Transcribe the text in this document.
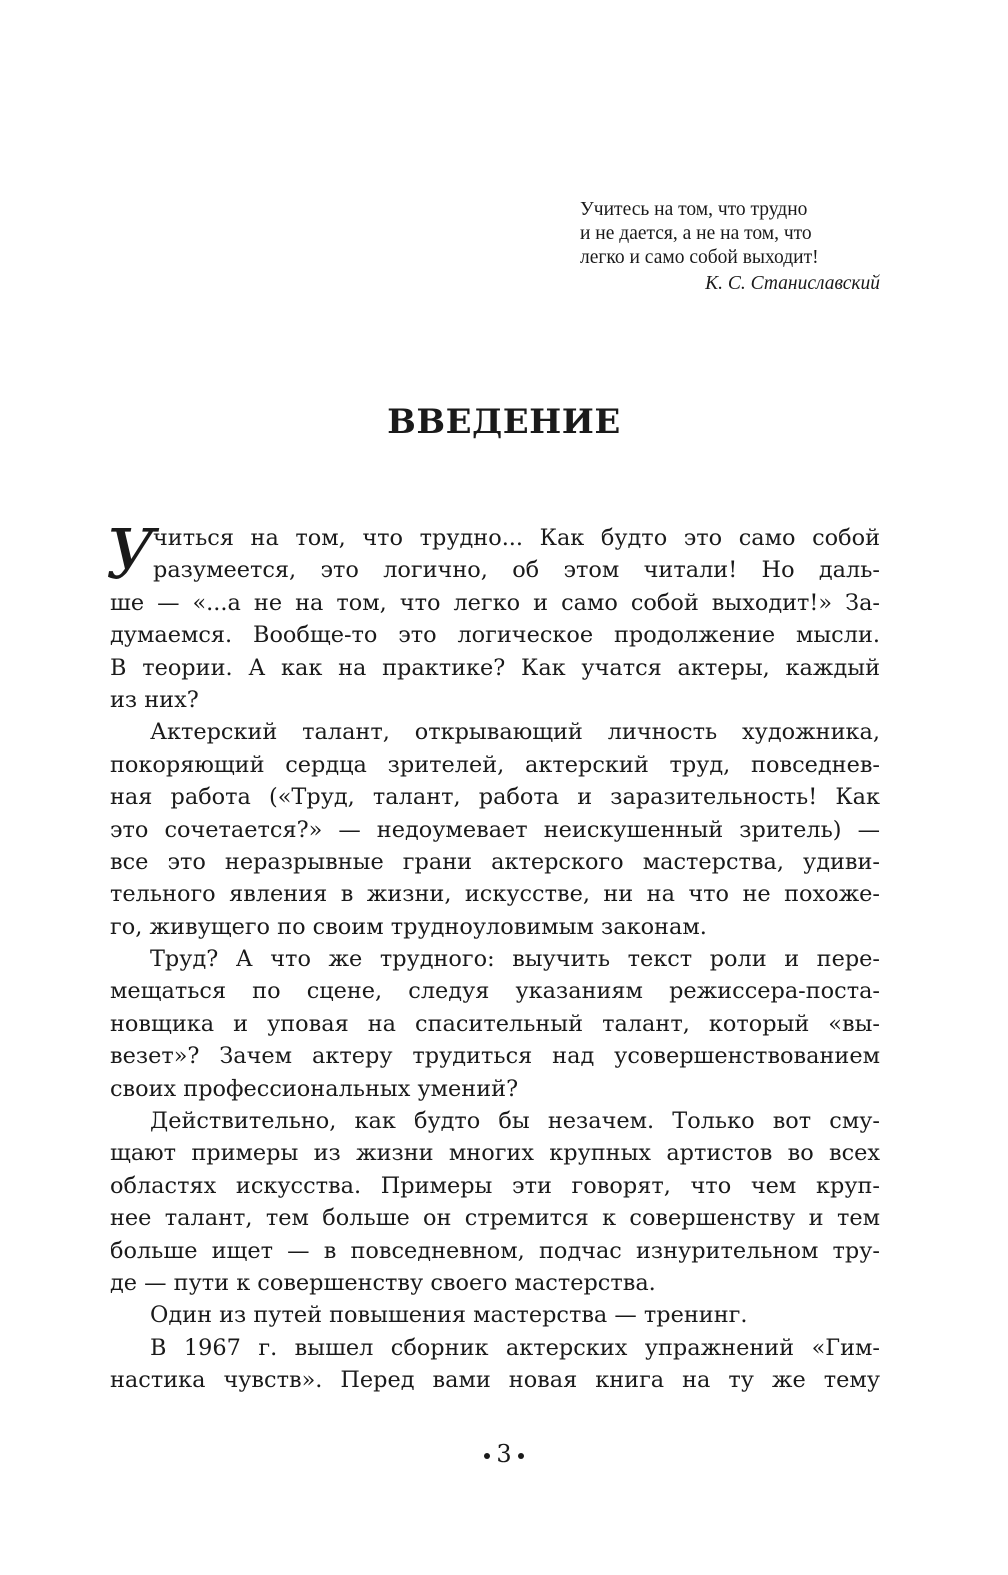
Учитесь на том, что трудно
и не дается, а не на том, что
легко и само собой выходит!
К. С. Станиславский
ВВЕДЕНИЕ
У
читься на том, что трудно... Как будто это само собой
разумеется, это логично, об этом читали! Но даль-
ше — «...а не на том, что легко и само собой выходит!» За-
думаемся. Вообще-то это логическое продолжение мысли.
В теории. А как на практике? Как учатся актеры, каждый
из них?
Актерский талант, открывающий личность художника,
покоряющий сердца зрителей, актерский труд, повседнев-
ная работа («Труд, талант, работа и заразительность! Как
это сочетается?» — недоумевает неискушенный зритель) —
все это неразрывные грани актерского мастерства, удиви-
тельного явления в жизни, искусстве, ни на что не похоже-
го, живущего по своим трудноуловимым законам.
Труд? А что же трудного: выучить текст роли и пере-
мещаться по сцене, следуя указаниям режиссера-поста-
новщика и уповая на спасительный талант, который «вы-
везет»? Зачем актеру трудиться над усовершенствованием
своих профессиональных умений?
Действительно, как будто бы незачем. Только вот сму-
щают примеры из жизни многих крупных артистов во всех
областях искусства. Примеры эти говорят, что чем круп-
нее талант, тем больше он стремится к совершенству и тем
больше ищет — в повседневном, подчас изнурительном тру-
де — пути к совершенству своего мастерства.
Один из путей повышения мастерства — тренинг.
В 1967 г. вышел сборник актерских упражнений «Гим-
настика чувств». Перед вами новая книга на ту же тему
3
